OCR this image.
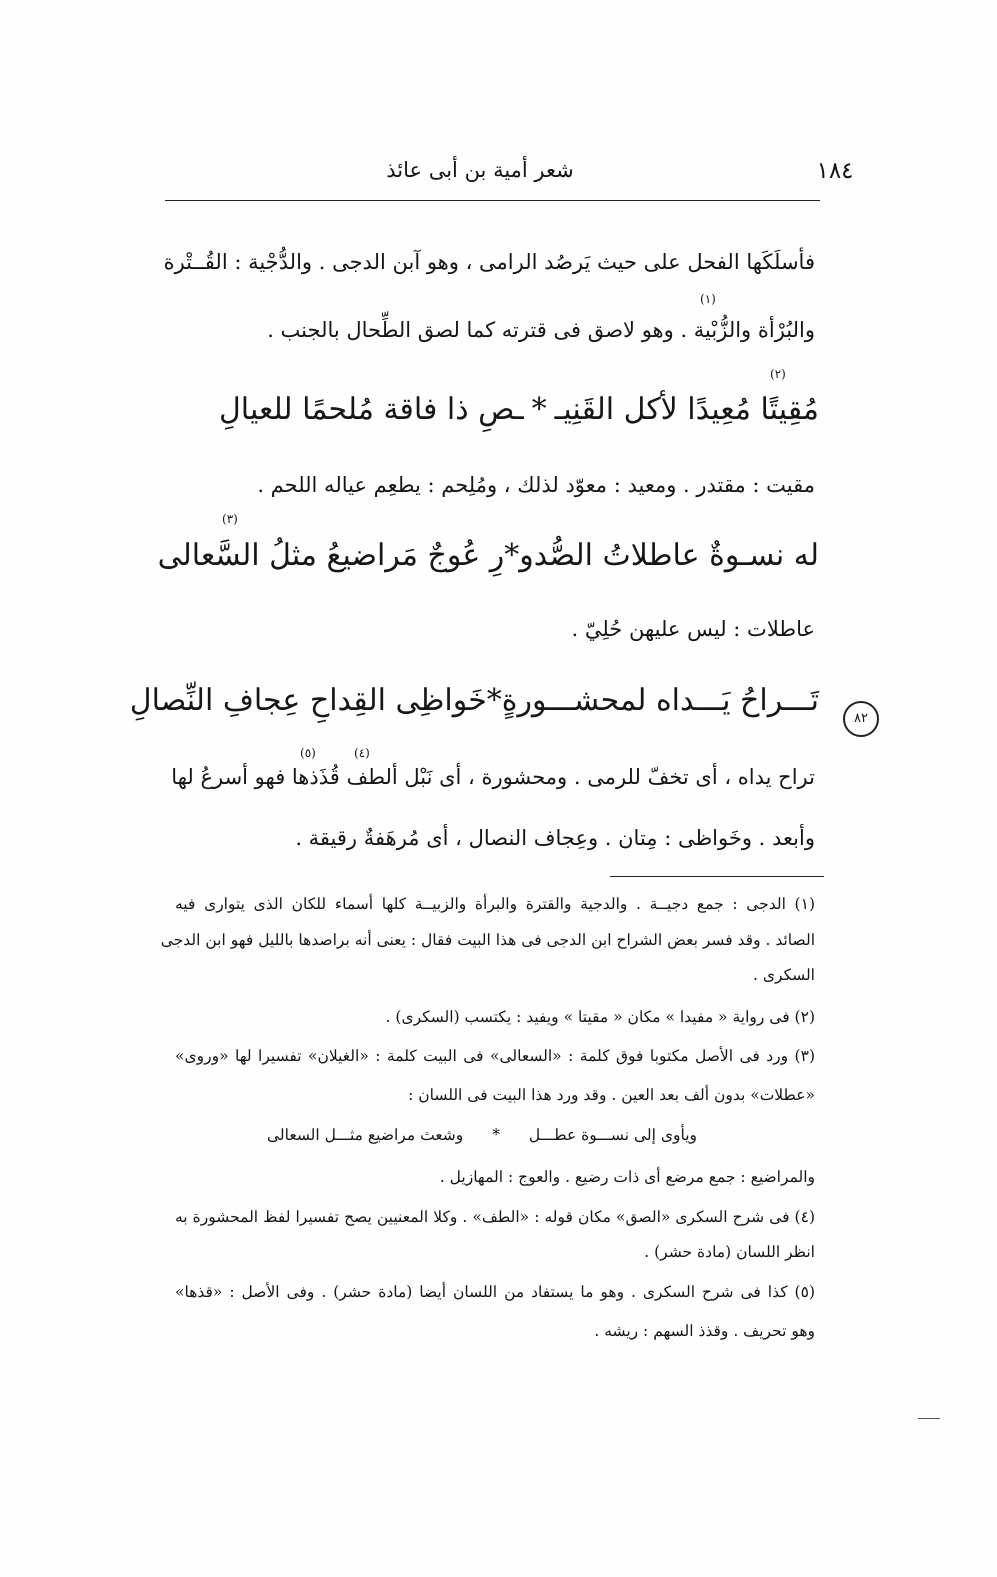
شعر أمية بن أبى عائذ	١٨٤
فأسلَكَها الفحل على حيث يَرصُد الرامى ، وهو آبن الدجى . والدُّجْية : القُــتْرة
(١)
والبُرْأة والزُّبْية . وهو لاصق فى قترته كما لصق الطِّحال بالجنب .
(٢)
مُقِيتًا مُعِيدًا لأكل القَنِيـ
*
ـصِ ذا فاقة مُلحمًا للعيالِ
مقيت : مقتدر . ومعيد : معوّد لذلك ، ومُلِحم : يطعِم عياله اللحم .
(٣)
له نسـوةٌ عاطلاتُ الصُّدو
*
رِ عُوجٌ مَراضيعُ مثلُ السَّعالى
عاطلات : ليس عليهن حُلِيّ .
تَـــراحُ يَـــداه لمحشـــورةٍ
*
خَواظِى القِداحِ عِجافِ النِّصالِ
٨٢
(٤)
(٥)
تراح يداه ، أى تخفّ للرمى . ومحشورة ، أى نَبْل ألطف قُذَذها فهو أسرعُ لها
وأبعد . وخَواظى : مِتان . وعِجاف النصال ، أى مُرهَفةٌ رقيقة .
(١) الدجى : جمع دجيــة . والدجية والقترة والبرأة والزبيــة كلها أسماء للكان الذى يتوارى فيه
الصائد . وقد فسر بعض الشراح ابن الدجى فى هذا البيت فقال : يعنى أنه براصدها بالليل فهو ابن الدجى
السكرى .
(٢) فى رواية « مفيدا » مكان « مقيتا » ويفيد : يكتسب (السكرى) .
(٣) ورد فى الأصل مكتوبا فوق كلمة : «السعالى» فى البيت كلمة : «الغيلان» تفسيرا لها «وروى»
«عطلات» بدون ألف بعد العين . وقد ورد هذا البيت فى اللسان :
ويأوى إلى نســـوة عطـــل
*
وشعث مراضيع مثـــل السعالى
والمراضيع : جمع مرضع أى ذات رضيع . والعوج : المهازيل .
(٤) فى شرح السكرى «الصق» مكان قوله : «الطف» . وكلا المعنيين يصح تفسيرا لفظ المحشورة به
انظر اللسان (مادة حشر) .
(٥) كذا فى شرح السكرى . وهو ما يستفاد من اللسان أيضا (مادة حشر) . وفى الأصل : «قذها»
وهو تحريف . وقذذ السهم : ريشه .
